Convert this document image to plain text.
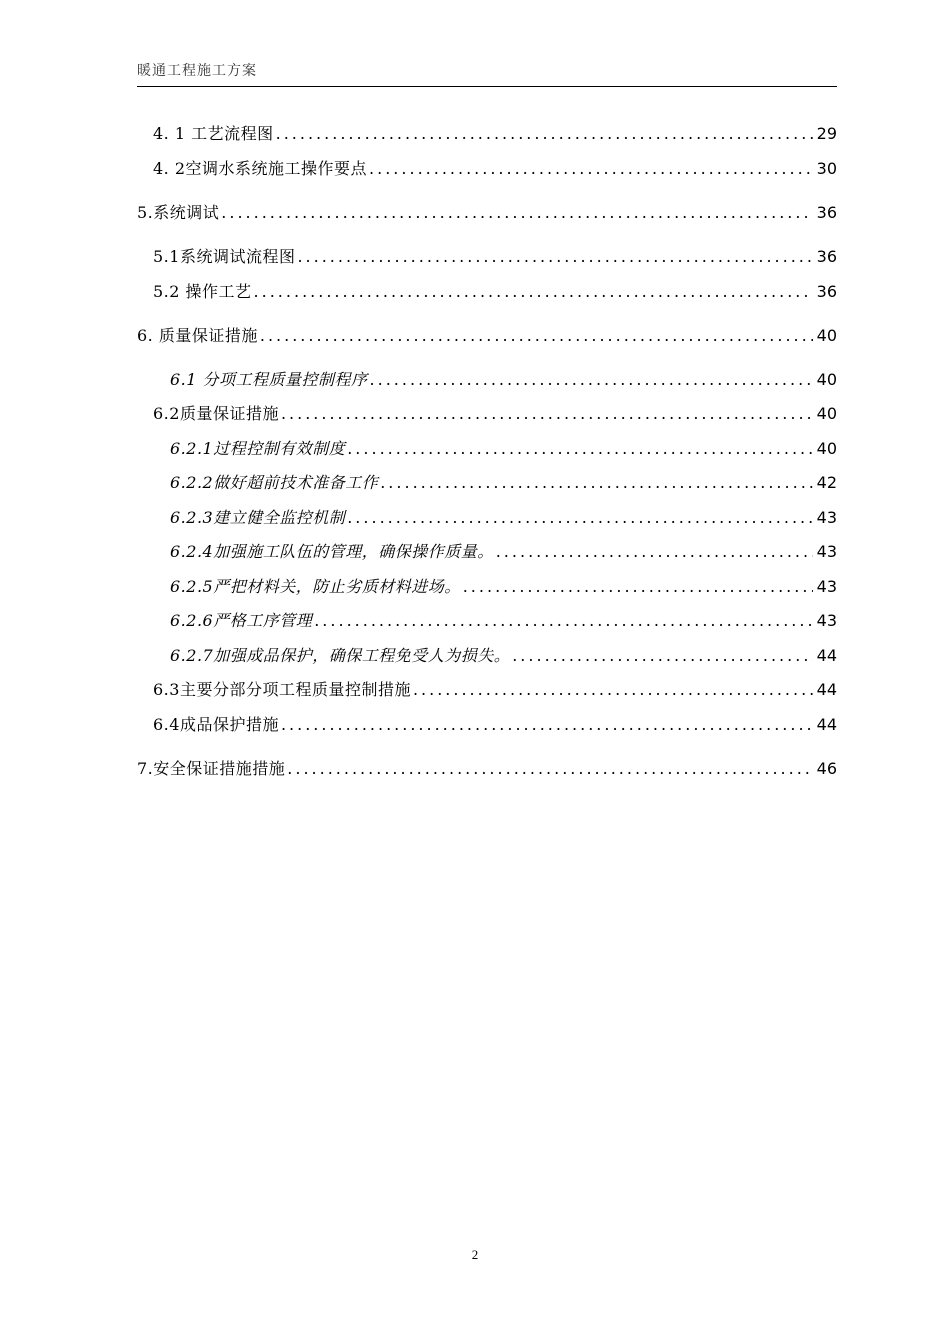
暖通工程施工方案
4. 1 工艺流程图 .....	29
4. 2空调水系统施工操作要点 .....	30
5.系统调试 .....	36
5.1系统调试流程图 .....	36
5.2 操作工艺 .....	36
6. 质量保证措施 .....	40
6.1 分项工程质量控制程序 .....	40
6.2质量保证措施 .....	40
6.2.1过程控制有效制度 .....	40
6.2.2做好超前技术准备工作 .....	42
6.2.3建立健全监控机制 .....	43
6.2.4加强施工队伍的管理，确保操作质量。 .....	43
6.2.5严把材料关，防止劣质材料进场。 .....	43
6.2.6严格工序管理 .....	43
6.2.7加强成品保护，确保工程免受人为损失。 .....	44
6.3主要分部分项工程质量控制措施 .....	44
6.4成品保护措施 .....	44
7.安全保证措施措施 .....	46
2
